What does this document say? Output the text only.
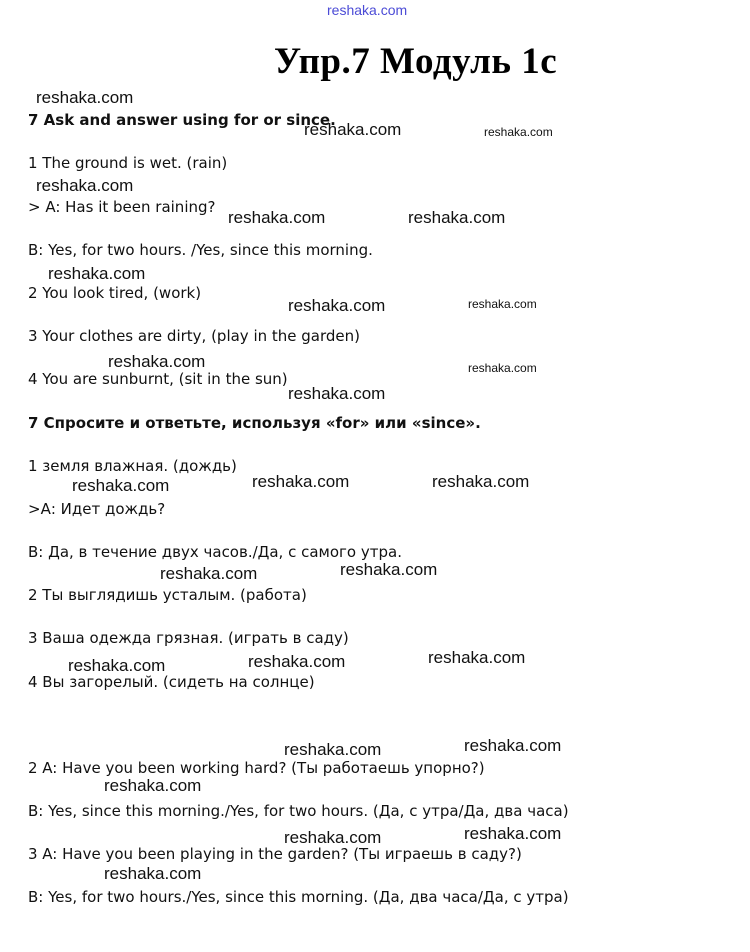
reshaka.com
Упр.7 Модуль 1с
7 Ask and answer using for or since.
1 The ground is wet. (rain)
> A: Has it been raining?
B: Yes, for two hours. /Yes, since this morning.
2 You look tired, (work)
3 Your clothes are dirty, (play in the garden)
4 You are sunburnt, (sit in the sun)
7 Спросите и ответьте, используя «for» или «since».
1 земля влажная. (дождь)
>А: Идет дождь?
В: Да, в течение двух часов./Да, с самого утра.
2 Ты выглядишь усталым. (работа)
3 Ваша одежда грязная. (играть в саду)
4 Вы загорелый. (сидеть на солнце)
2 A: Have you been working hard? (Ты работаешь упорно?)
B: Yes, since this morning./Yes, for two hours. (Да, с утра/Да, два часа)
3 A: Have you been playing in the garden? (Ты играешь в саду?)
B: Yes, for two hours./Yes, since this morning. (Да, два часа/Да, с утра)
reshaka.com
reshaka.com	reshaka.com
reshaka.com
reshaka.com	reshaka.com
reshaka.com
reshaka.com	reshaka.com
reshaka.com	reshaka.com
reshaka.com
reshaka.com	reshaka.com
reshaka.com
reshaka.com
reshaka.com
reshaka.com
reshaka.com
reshaka.com
reshaka.com
reshaka.com
reshaka.com
reshaka.com
reshaka.com
reshaka.com
